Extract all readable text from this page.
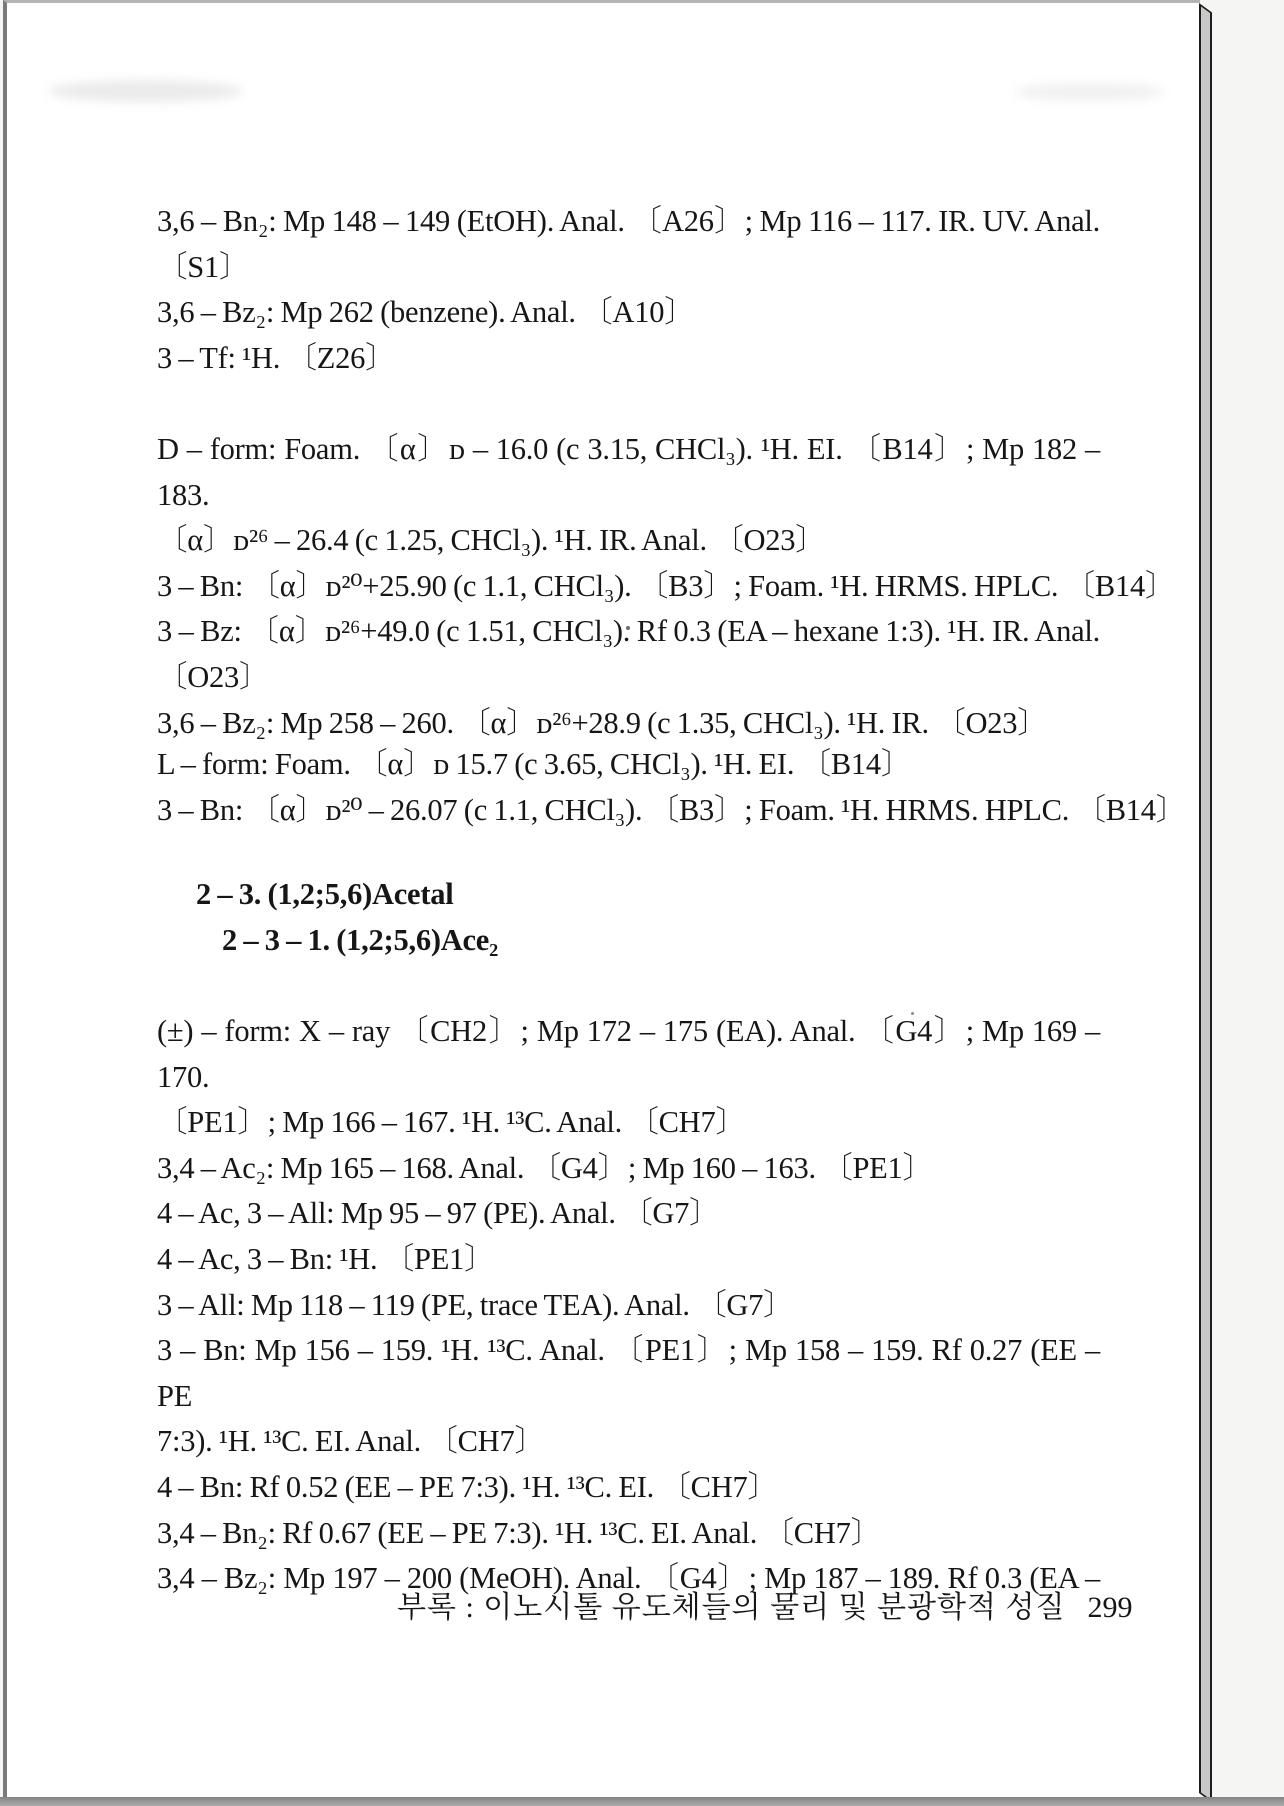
3,6 – Bn₂: Mp 148 – 149 (EtOH). Anal. 〔A26〕; Mp 116 – 117. IR. UV. Anal.
〔S1〕
3,6 – Bz₂: Mp 262 (benzene). Anal. 〔A10〕
3 – Tf: ¹H. 〔Z26〕
D – form: Foam. 〔α〕ᴅ – 16.0 (c 3.15, CHCl₃). ¹H. EI. 〔B14〕; Mp 182 – 183.
〔α〕ᴅ²⁶ – 26.4 (c 1.25, CHCl₃). ¹H. IR. Anal. 〔O23〕
3 – Bn: 〔α〕ᴅ²⁰+25.90 (c 1.1, CHCl₃). 〔B3〕; Foam. ¹H. HRMS. HPLC. 〔B14〕
3 – Bz: 〔α〕ᴅ²⁶+49.0 (c 1.51, CHCl₃). Rf 0.3 (EA – hexane 1:3). ¹H. IR. Anal.
〔O23〕
3,6 – Bz₂: Mp 258 – 260. 〔α〕ᴅ²⁶+28.9 (c 1.35, CHCl₃). ¹H. IR. 〔O23〕
L – form: Foam. 〔α〕ᴅ 15.7 (c 3.65, CHCl₃). ¹H. EI. 〔B14〕
3 – Bn: 〔α〕ᴅ²⁰ – 26.07 (c 1.1, CHCl₃). 〔B3〕; Foam. ¹H. HRMS. HPLC. 〔B14〕
2 – 3. (1,2;5,6)Acetal
2 – 3 – 1. (1,2;5,6)Ace₂
(±) – form: X – ray 〔CH2〕; Mp 172 – 175 (EA). Anal. 〔G4〕; Mp 169 – 170.
〔PE1〕; Mp 166 – 167. ¹H. ¹³C. Anal. 〔CH7〕
3,4 – Ac₂: Mp 165 – 168. Anal. 〔G4〕; Mp 160 – 163. 〔PE1〕
4 – Ac, 3 – All: Mp 95 – 97 (PE). Anal. 〔G7〕
4 – Ac, 3 – Bn: ¹H. 〔PE1〕
3 – All: Mp 118 – 119 (PE, trace TEA). Anal. 〔G7〕
3 – Bn: Mp 156 – 159. ¹H. ¹³C. Anal. 〔PE1〕; Mp 158 – 159. Rf 0.27 (EE – PE
7:3). ¹H. ¹³C. EI. Anal. 〔CH7〕
4 – Bn: Rf 0.52 (EE – PE 7:3). ¹H. ¹³C. EI. 〔CH7〕
3,4 – Bn₂: Rf 0.67 (EE – PE 7:3). ¹H. ¹³C. EI. Anal. 〔CH7〕
3,4 – Bz₂: Mp 197 – 200 (MeOH). Anal. 〔G4〕; Mp 187 – 189. Rf 0.3 (EA –
부록 : 이노시톨 유도체들의 물리 및 분광학적 성질 299
